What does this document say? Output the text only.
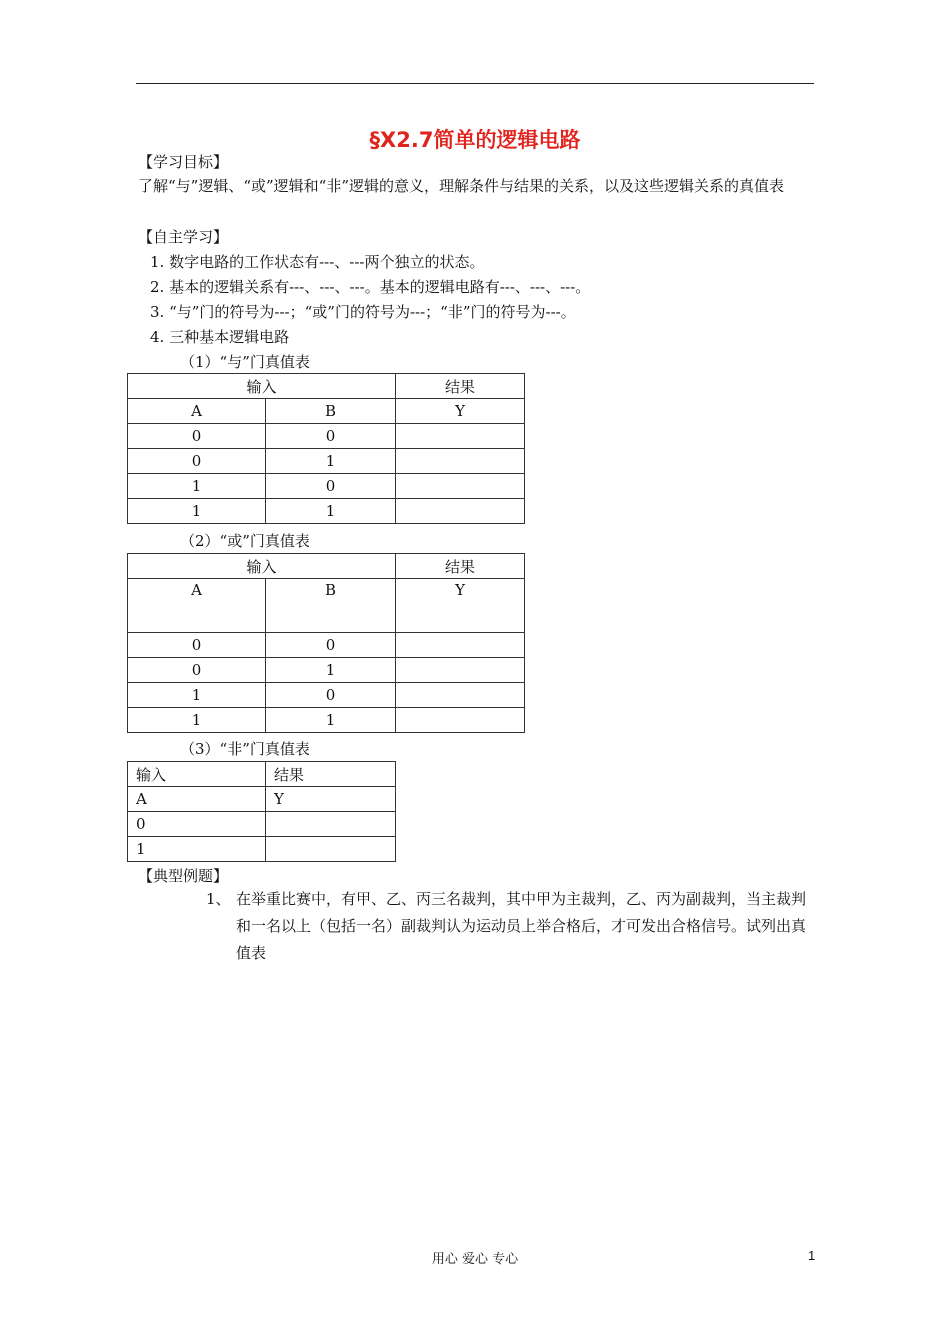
§X2.7简单的逻辑电路
【学习目标】
了解“与”逻辑、“或”逻辑和“非”逻辑的意义，理解条件与结果的关系，以及这些逻辑关系的真值表
【自主学习】
1. 数字电路的工作状态有---、---两个独立的状态。
2. 基本的逻辑关系有---、---、---。基本的逻辑电路有---、---、---。
3. “与”门的符号为---；“或”门的符号为---；“非”门的符号为---。
4. 三种基本逻辑电路
（1）“与”门真值表
输入		结果
A	B	Y
0	0	
0	1	
1	0	
1	1	
（2）“或”门真值表
输入		结果
A	B	Y
0	0	
0	1	
1	0	
1	1	
（3）“非”门真值表
输入	结果
A	Y
0	
1	
【典型例题】
1、 在举重比赛中，有甲、乙、丙三名裁判，其中甲为主裁判，乙、丙为副裁判，当主裁判和一名以上（包括一名）副裁判认为运动员上举合格后，才可发出合格信号。试列出真值表
用心 爱心 专心	1
